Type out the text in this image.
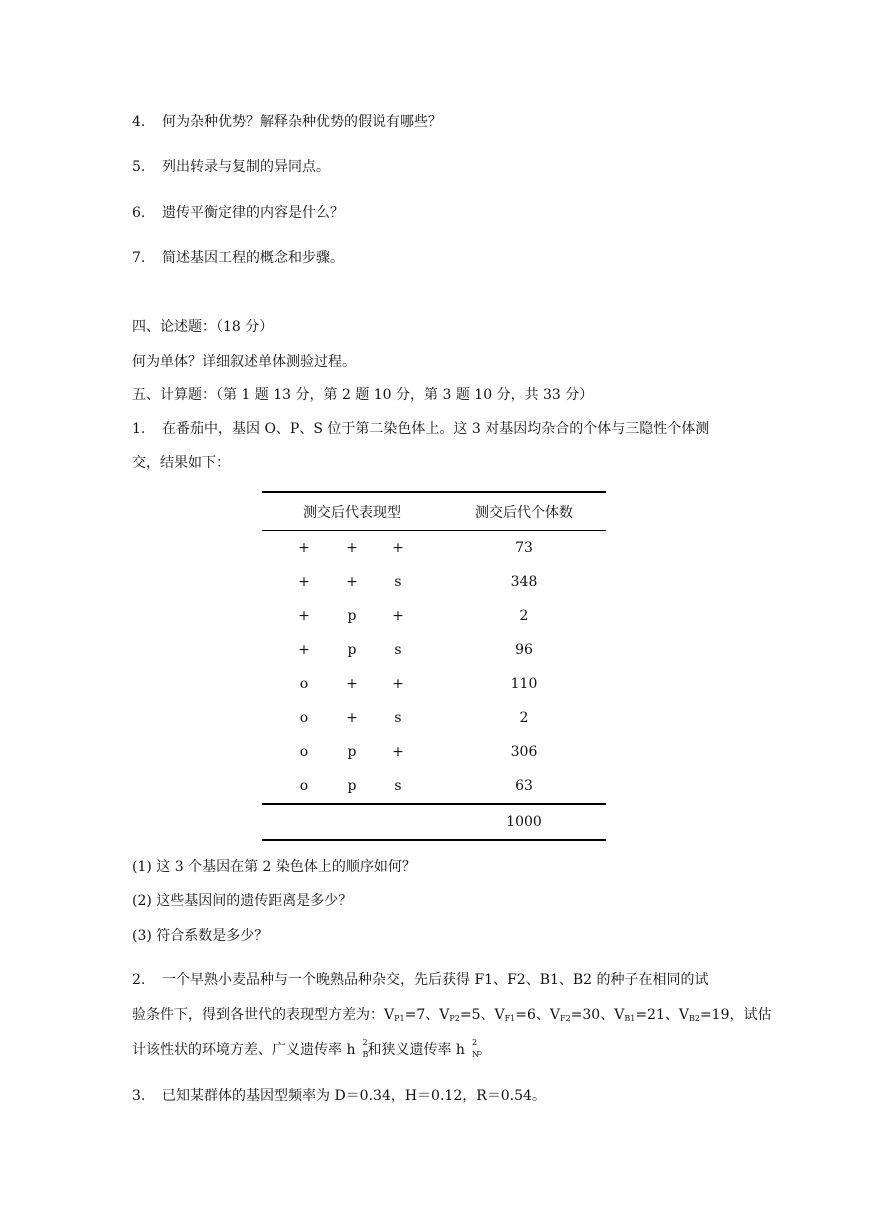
4. 何为杂种优势？解释杂种优势的假说有哪些？
5. 列出转录与复制的异同点。
6. 遗传平衡定律的内容是什么？
7. 简述基因工程的概念和步骤。
四、论述题：（18 分）
何为单体？详细叙述单体测验过程。
五、计算题：（第 1 题 13 分，第 2 题 10 分，第 3 题 10 分，共 33 分）
1. 在番茄中，基因 O、P、S 位于第二染色体上。这 3 对基因均杂合的个体与三隐性个体测
交，结果如下：
测交后代表现型	测交后代个体数

+ + +	73

+ + s	348

+ p +	2

+ p s	96

o + +	110

o + s	2

o p +	306

o p s	63
	1000
(1) 这 3 个基因在第 2 染色体上的顺序如何？
(2) 这些基因间的遗传距离是多少？
(3) 符合系数是多少？
2. 一个早熟小麦品种与一个晚熟品种杂交，先后获得 F1、F2、B1、B2 的种子在相同的试
验条件下，得到各世代的表现型方差为：$V_{P1}=7$、$V_{P2}=5$、$V_{F1}=6$、$V_{F2}=30$、$V_{B1}=21$、$V_{B2}=19$，试估
计该性状的环境方差、广义遗传率 h 2
B 和狭义遗传率 h 2
N
。
3. 已知某群体的基因型频率为 D＝0.34，H＝0.12，R＝0.54。
